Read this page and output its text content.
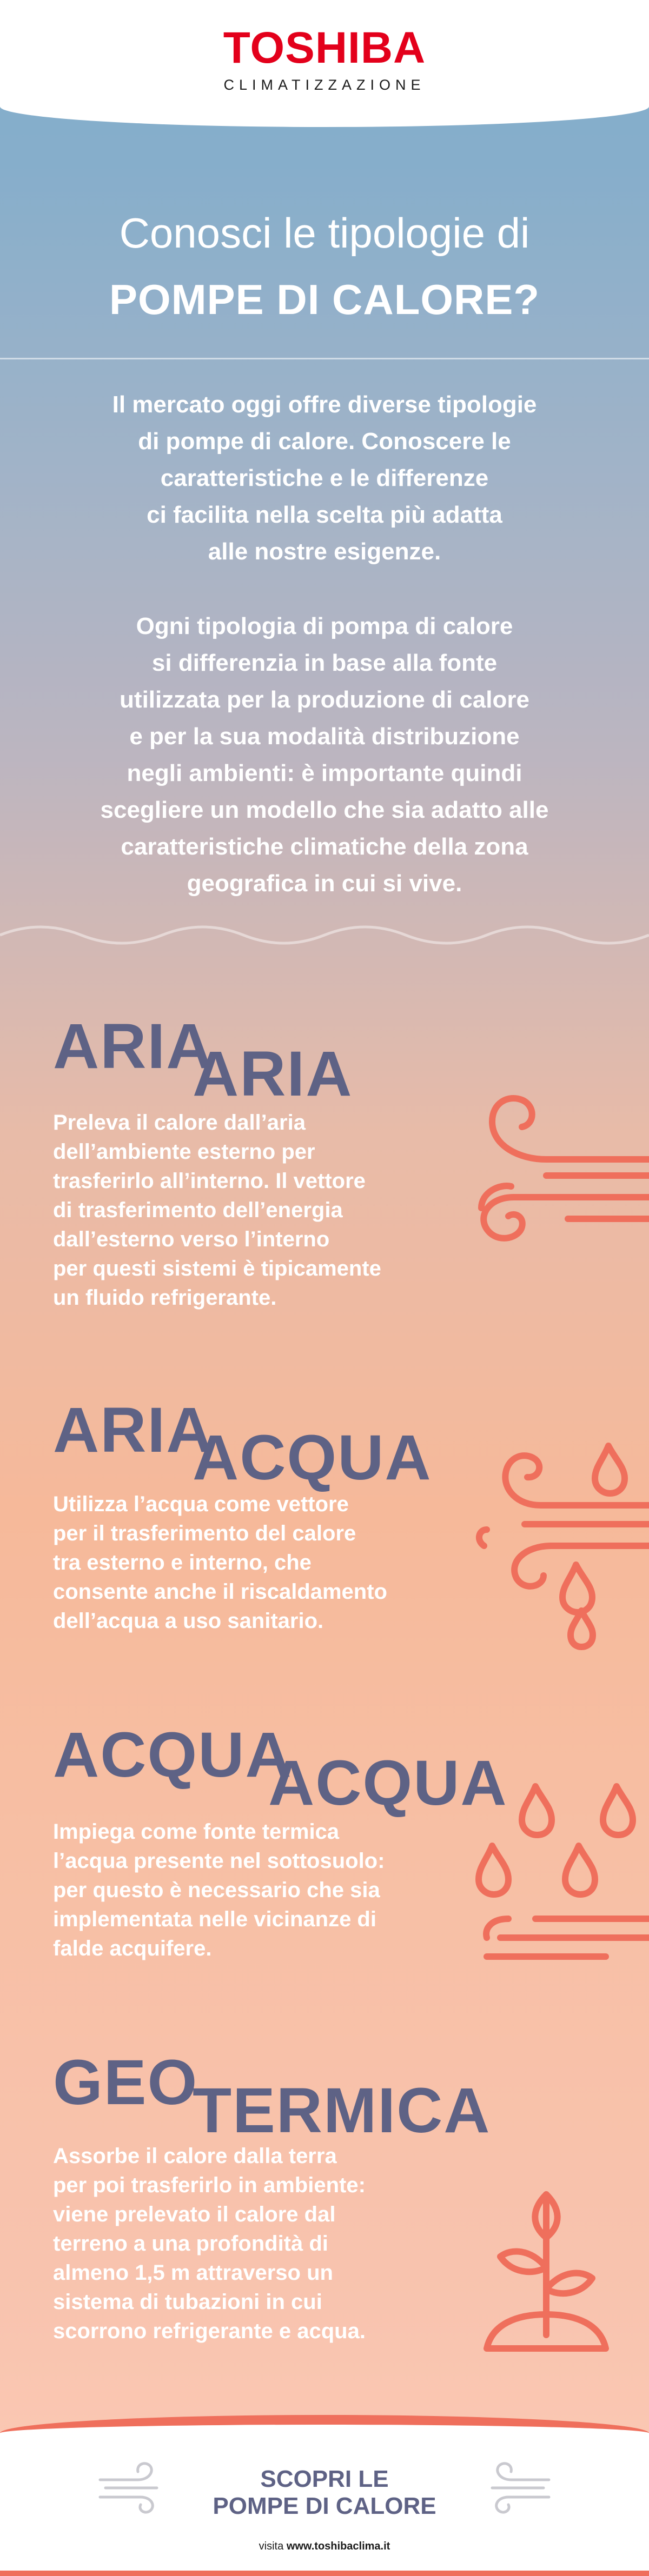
TOSHIBA
CLIMATIZZAZIONE
Conosci le tipologie di
POMPE DI CALORE?
Il mercato oggi offre diverse tipologie
di pompe di calore. Conoscere le
caratteristiche e le differenze
ci facilita nella scelta più adatta
alle nostre esigenze.
Ogni tipologia di pompa di calore
si differenzia in base alla fonte
utilizzata per la produzione di calore
e per la sua modalità distribuzione
negli ambienti: è importante quindi
scegliere un modello che sia adatto alle
caratteristiche climatiche della zona
geografica in cui si vive.
ARIA
ARIA
Preleva il calore dall’aria
dell’ambiente esterno per
trasferirlo all’interno. Il vettore
di trasferimento dell’energia
dall’esterno verso l’interno
per questi sistemi è tipicamente
un fluido refrigerante.
ARIA
ACQUA
Utilizza l’acqua come vettore
per il trasferimento del calore
tra esterno e interno, che
consente anche il riscaldamento
dell’acqua a uso sanitario.
ACQUA
ACQUA
Impiega come fonte termica
l’acqua presente nel sottosuolo:
per questo è necessario che sia
implementata nelle vicinanze di
falde acquifere.
GEO
TERMICA
Assorbe il calore dalla terra
per poi trasferirlo in ambiente:
viene prelevato il calore dal
terreno a una profondità di
almeno 1,5 m attraverso un
sistema di tubazioni in cui
scorrono refrigerante e acqua.
SCOPRI LE
POMPE DI CALORE
visita www.toshibaclima.it
